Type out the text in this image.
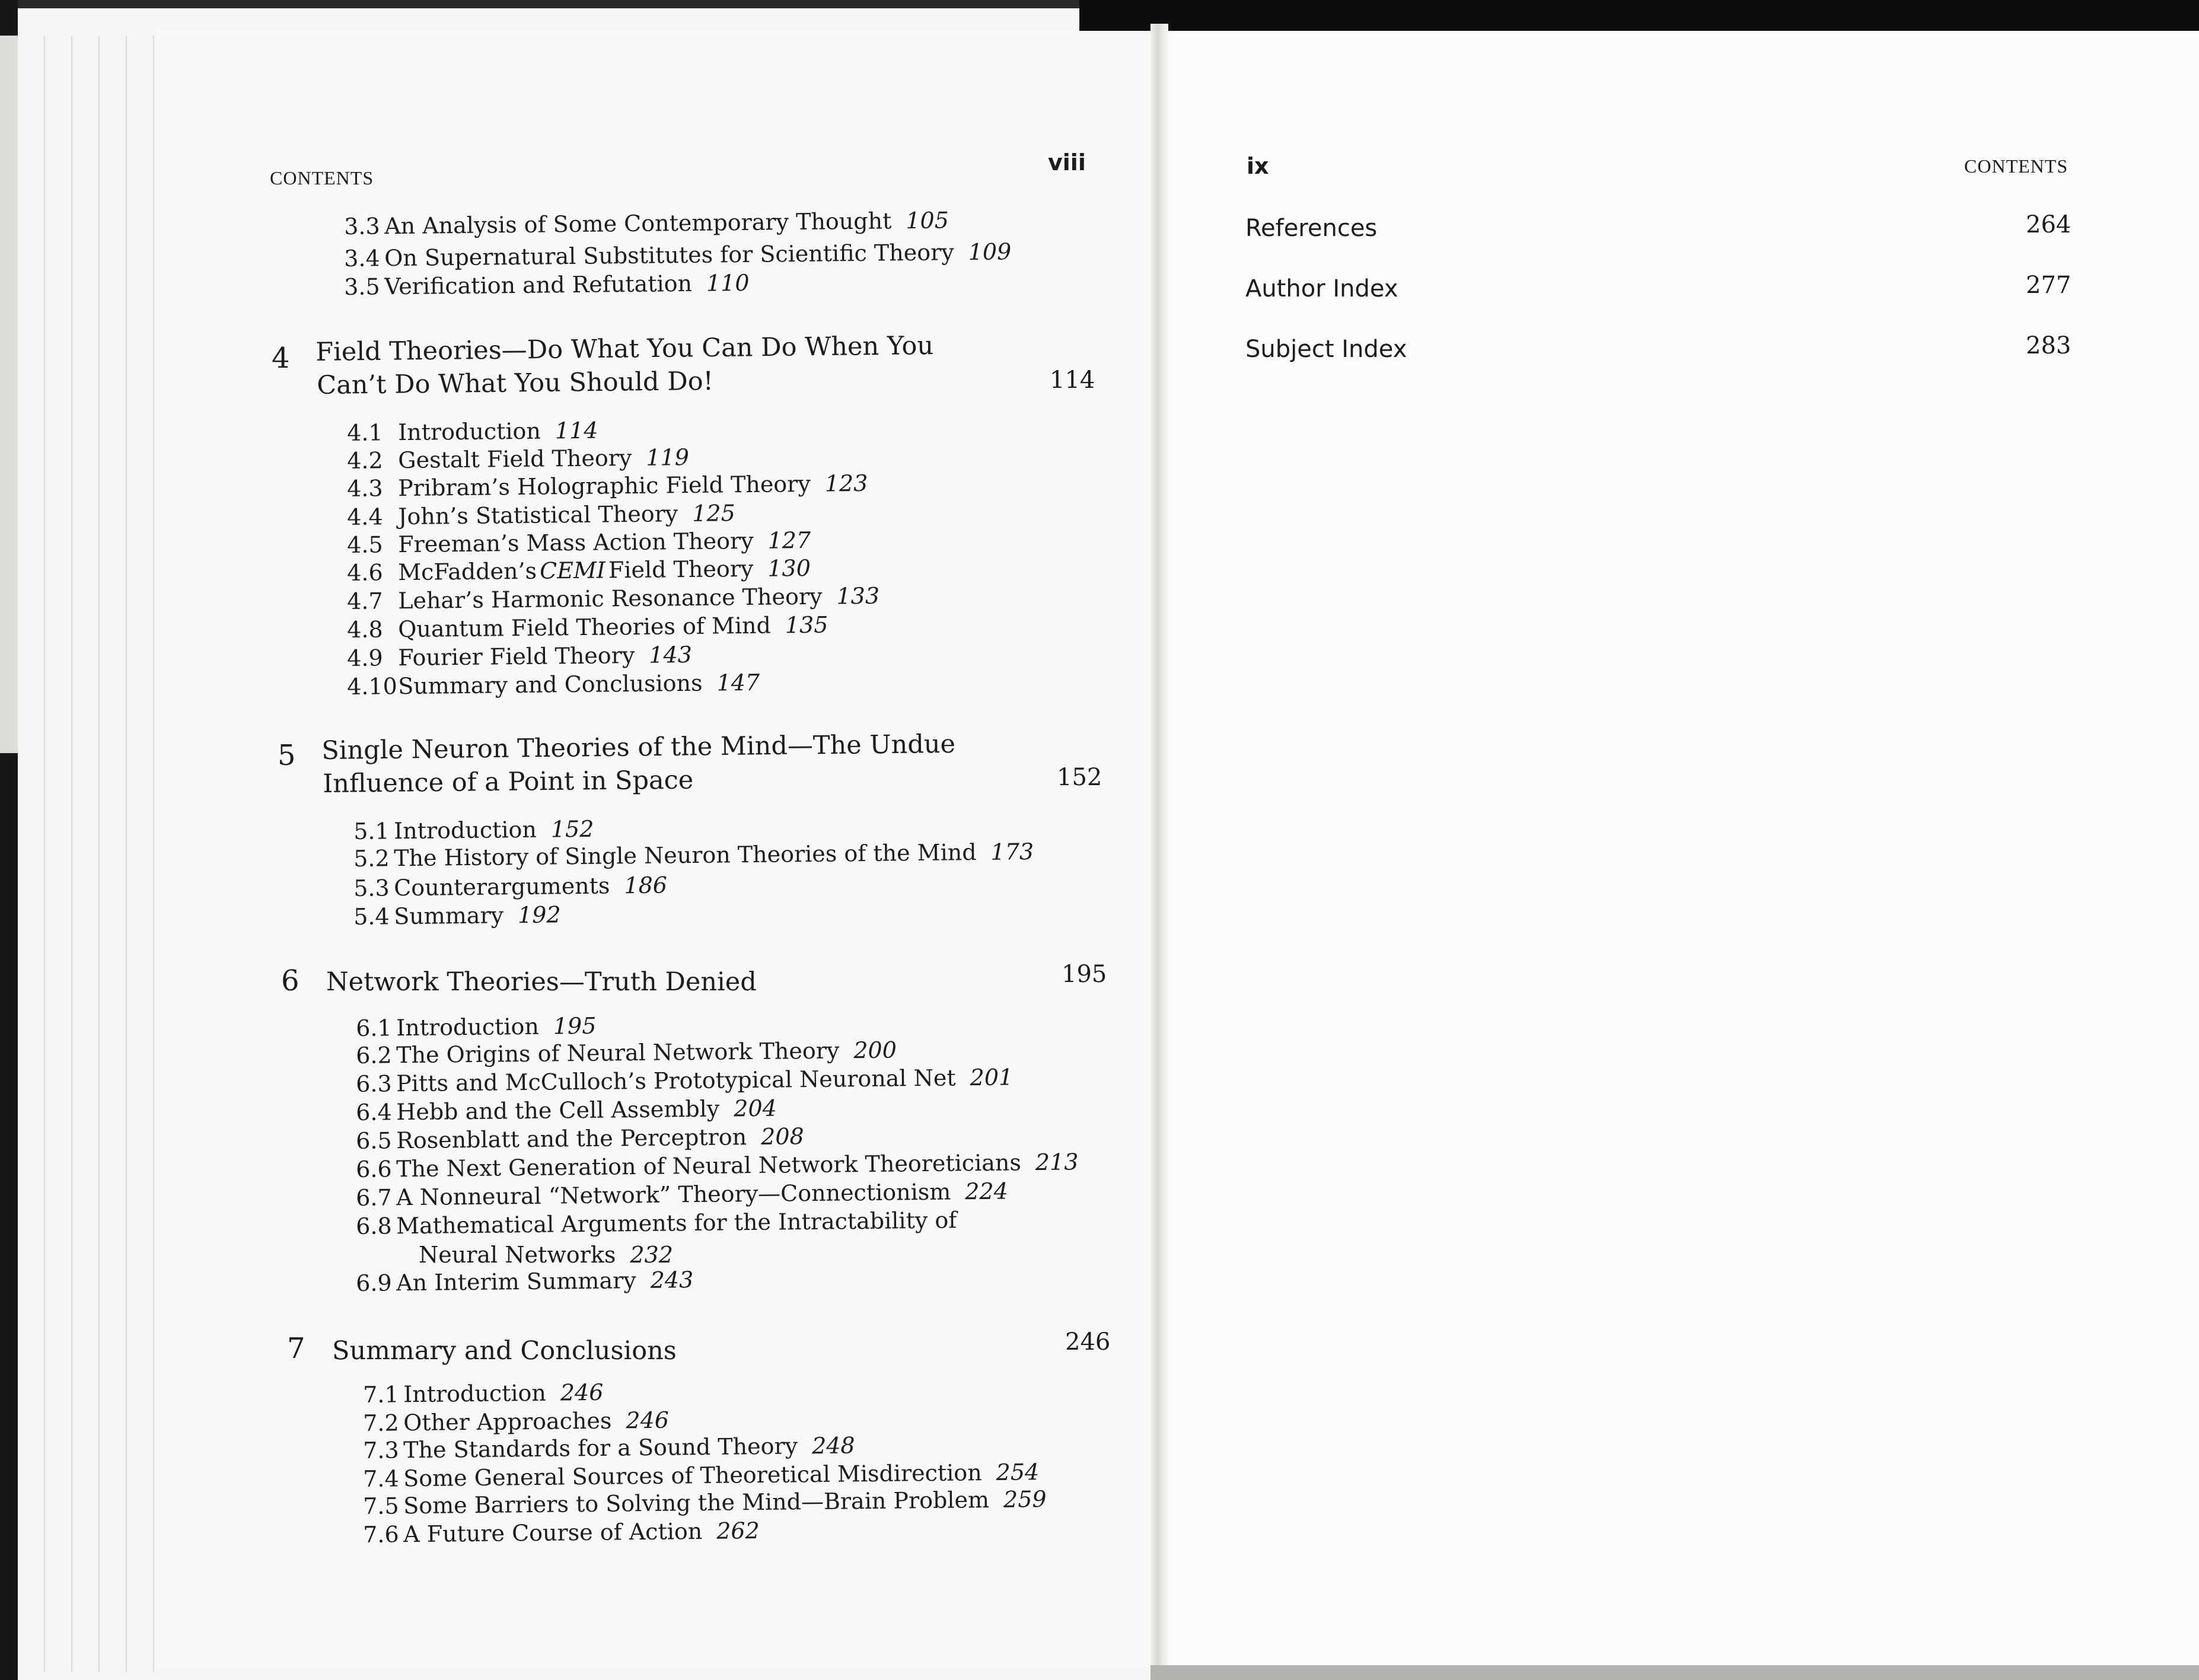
CONTENTS
viii
3.3 An Analysis of Some Contemporary Thought 105
3.4 On Supernatural Substitutes for Scientific Theory 109
3.5 Verification and Refutation 110
4 Field Theories—Do What You Can Do When You
Can’t Do What You Should Do!	114
4.1 Introduction 114
4.2 Gestalt Field Theory 119
4.3 Pribram’s Holographic Field Theory 123
4.4 John’s Statistical Theory 125
4.5 Freeman’s Mass Action Theory 127
4.6 McFadden’s CEMI Field Theory 130
4.7 Lehar’s Harmonic Resonance Theory 133
4.8 Quantum Field Theories of Mind 135
4.9 Fourier Field Theory 143
4.10Summary and Conclusions 147
5 Single Neuron Theories of the Mind—The Undue
Influence of a Point in Space	152
5.1 Introduction 152
5.2 The History of Single Neuron Theories of the Mind 173
5.3 Counterarguments 186
5.4 Summary 192
6 Network Theories—Truth Denied	195
6.1 Introduction 195
6.2 The Origins of Neural Network Theory 200
6.3 Pitts and McCulloch’s Prototypical Neuronal Net 201
6.4 Hebb and the Cell Assembly 204
6.5 Rosenblatt and the Perceptron 208
6.6 The Next Generation of Neural Network Theoreticians 213
6.7 A Nonneural “Network” Theory—Connectionism 224
6.8 Mathematical Arguments for the Intractability of
Neural Networks 232
6.9 An Interim Summary 243
7 Summary and Conclusions	246
7.1 Introduction 246
7.2 Other Approaches 246
7.3 The Standards for a Sound Theory 248
7.4 Some General Sources of Theoretical Misdirection 254
7.5 Some Barriers to Solving the Mind—Brain Problem 259
7.6 A Future Course of Action 262
ix	CONTENTS
References	264
Author Index	277
Subject Index	283
